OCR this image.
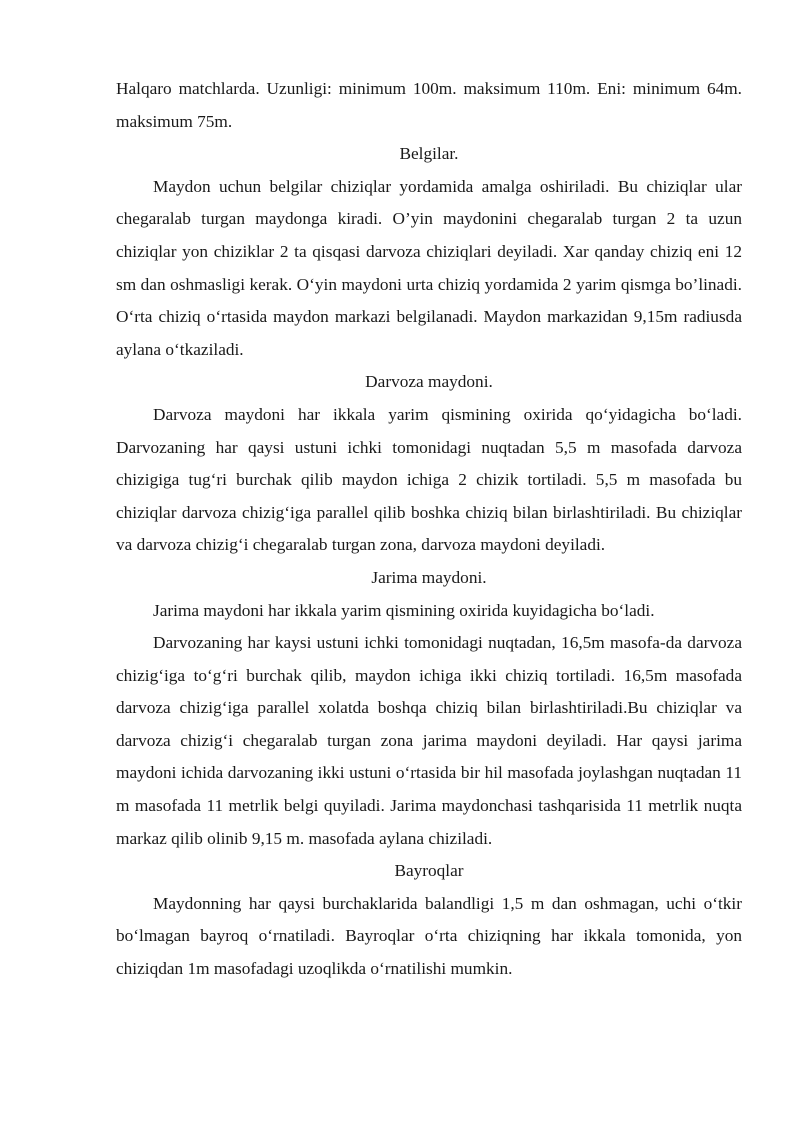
Halqaro matchlarda. Uzunligi: minimum 100m. maksimum 110m. Eni: minimum 64m. maksimum 75m.

Belgilar.

Maydon uchun belgilar chiziqlar yordamida amalga oshiriladi. Bu chiziqlar ular chegaralab turgan maydonga kiradi. O’yin maydonini chegaralab turgan 2 ta uzun chiziqlar yon chiziklar 2 ta qisqasi darvoza chiziqlari deyiladi. Xar qanday chiziq eni 12 sm dan oshmasligi kerak. O‘yin maydoni urta chiziq yordamida 2 yarim qismga bo’linadi. O‘rta chiziq o‘rtasida maydon markazi belgilanadi. Maydon markazidan 9,15m radiusda aylana o‘tkaziladi.

Darvoza maydoni.

Darvoza maydoni har ikkala yarim qismining oxirida qo‘yidagicha bo‘ladi. Darvozaning har qaysi ustuni ichki tomonidagi nuqtadan 5,5 m masofada darvoza chizigiga tug‘ri burchak qilib maydon ichiga 2 chizik tortiladi. 5,5 m masofada bu chiziqlar darvoza chizig‘iga parallel qilib boshka chiziq bilan birlashtiriladi. Bu chiziqlar va darvoza chizig‘i chegaralab turgan zona, darvoza maydoni deyiladi.

Jarima maydoni.

Jarima maydoni har ikkala yarim qismining oxirida kuyidagicha bo‘ladi.

Darvozaning har kaysi ustuni ichki tomonidagi nuqtadan, 16,5m masofa-da darvoza chizig‘iga to‘g‘ri burchak qilib, maydon ichiga ikki chiziq tortiladi. 16,5m masofada darvoza chizig‘iga parallel xolatda boshqa chiziq bilan birlashtiriladi.Bu chiziqlar va darvoza chizig‘i chegaralab turgan zona jarima maydoni deyiladi. Har qaysi jarima maydoni ichida darvozaning ikki ustuni o‘rtasida bir hil masofada joylashgan nuqtadan 11 m masofada 11 metrlik belgi quyiladi. Jarima maydonchasi tashqarisida 11 metrlik nuqta markaz qilib olinib 9,15 m. masofada aylana chiziladi.

Bayroqlar

Maydonning har qaysi burchaklarida balandligi 1,5 m dan oshmagan, uchi o‘tkir bo‘lmagan bayroq o‘rnatiladi. Bayroqlar o‘rta chiziqning har ikkala tomonida, yon chiziqdan 1m masofadagi uzoqlikda o‘rnatilishi mumkin.
